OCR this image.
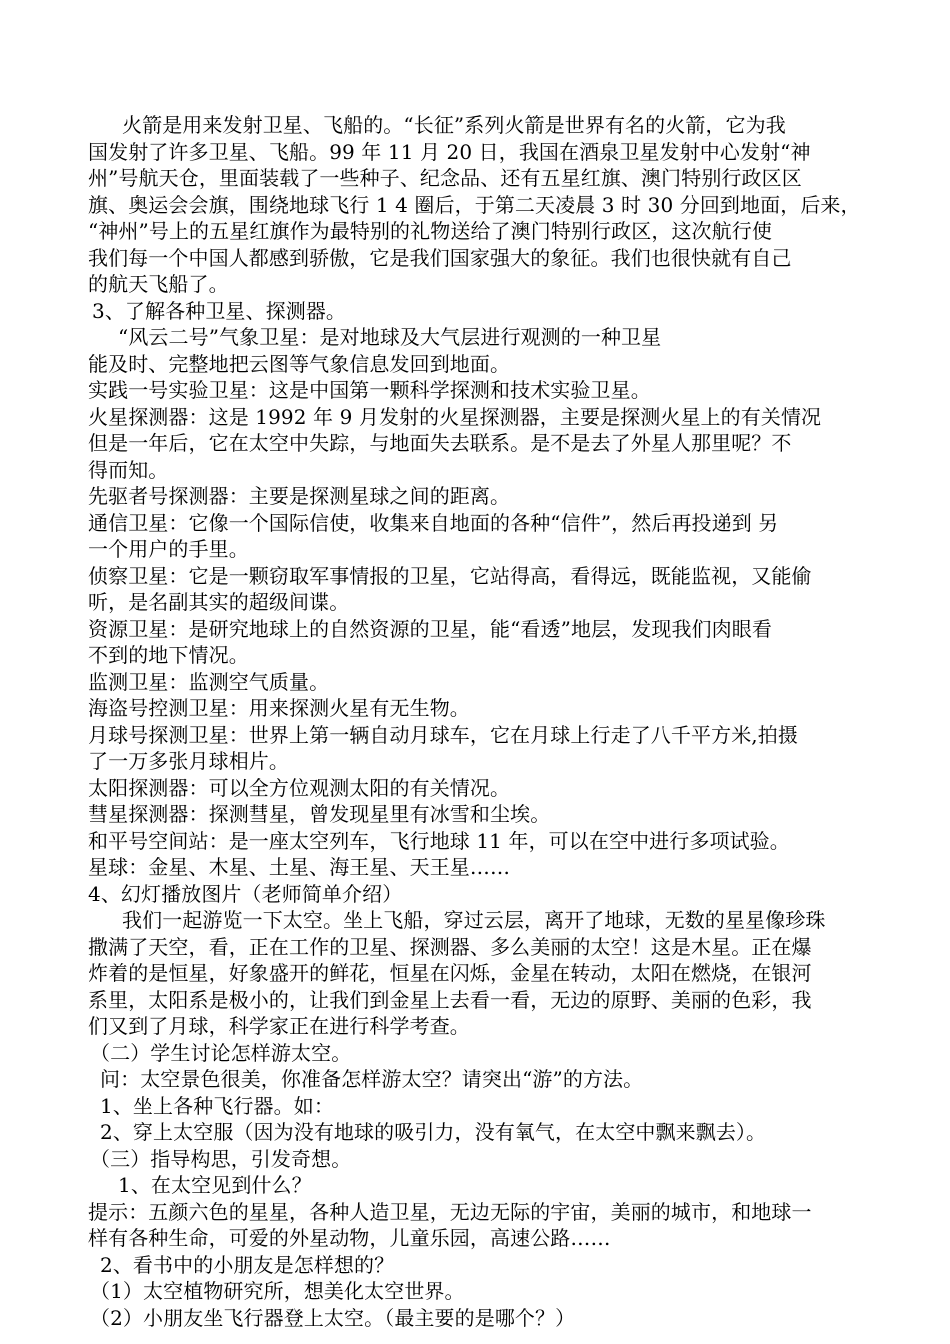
火箭是用来发射卫星、飞船的。“长征”系列火箭是世界有名的火箭，它为我
国发射了许多卫星、飞船。99 年 11 月 20 日，我国在酒泉卫星发射中心发射“神
州”号航天仓，里面装载了一些种子、纪念品、还有五星红旗、澳门特别行政区区
旗、奥运会会旗，围绕地球飞行 1 4 圈后，于第二天凌晨 3 时 30 分回到地面，后来，
“神州”号上的五星红旗作为最特别的礼物送给了澳门特别行政区，这次航行使
我们每一个中国人都感到骄傲，它是我们国家强大的象征。我们也很快就有自己
的航天飞船了。
3、了解各种卫星、探测器。
“风云二号”气象卫星：是对地球及大气层进行观测的一种卫星
能及时、完整地把云图等气象信息发回到地面。
实践一号实验卫星：这是中国第一颗科学探测和技术实验卫星。
火星探测器：这是 1992 年 9 月发射的火星探测器，主要是探测火星上的有关情况
但是一年后，它在太空中失踪，与地面失去联系。是不是去了外星人那里呢？不
得而知。
先驱者号探测器：主要是探测星球之间的距离。
通信卫星：它像一个国际信使，收集来自地面的各种“信件”，然后再投递到 另
一个用户的手里。
侦察卫星：它是一颗窃取军事情报的卫星，它站得高，看得远，既能监视，又能偷
听，是名副其实的超级间谍。
资源卫星：是研究地球上的自然资源的卫星，能“看透”地层，发现我们肉眼看
不到的地下情况。
监测卫星：监测空气质量。
海盗号控测卫星：用来探测火星有无生物。
月球号探测卫星：世界上第一辆自动月球车，它在月球上行走了八千平方米,拍摄
了一万多张月球相片。
太阳探测器：可以全方位观测太阳的有关情况。
彗星探测器：探测彗星，曾发现星里有冰雪和尘埃。
和平号空间站：是一座太空列车，飞行地球 11 年，可以在空中进行多项试验。
星球：金星、木星、土星、海王星、天王星……
4、幻灯播放图片（老师简单介绍）
我们一起游览一下太空。坐上飞船，穿过云层，离开了地球，无数的星星像珍珠
撒满了天空，看，正在工作的卫星、探测器、多么美丽的太空！这是木星。正在爆
炸着的是恒星，好象盛开的鲜花，恒星在闪烁，金星在转动，太阳在燃烧，在银河
系里，太阳系是极小的，让我们到金星上去看一看，无边的原野、美丽的色彩，我
们又到了月球，科学家正在进行科学考查。
（二）学生讨论怎样游太空。
问：太空景色很美，你准备怎样游太空？请突出“游”的方法。
1、坐上各种飞行器。如：
2、穿上太空服（因为没有地球的吸引力，没有氧气，在太空中飘来飘去）。
（三）指导构思，引发奇想。
1、在太空见到什么？
提示：五颜六色的星星，各种人造卫星，无边无际的宇宙，美丽的城市，和地球一
样有各种生命，可爱的外星动物，儿童乐园，高速公路……
2、看书中的小朋友是怎样想的？
（1）太空植物研究所，想美化太空世界。
（2）小朋友坐飞行器登上太空。（最主要的是哪个？）
